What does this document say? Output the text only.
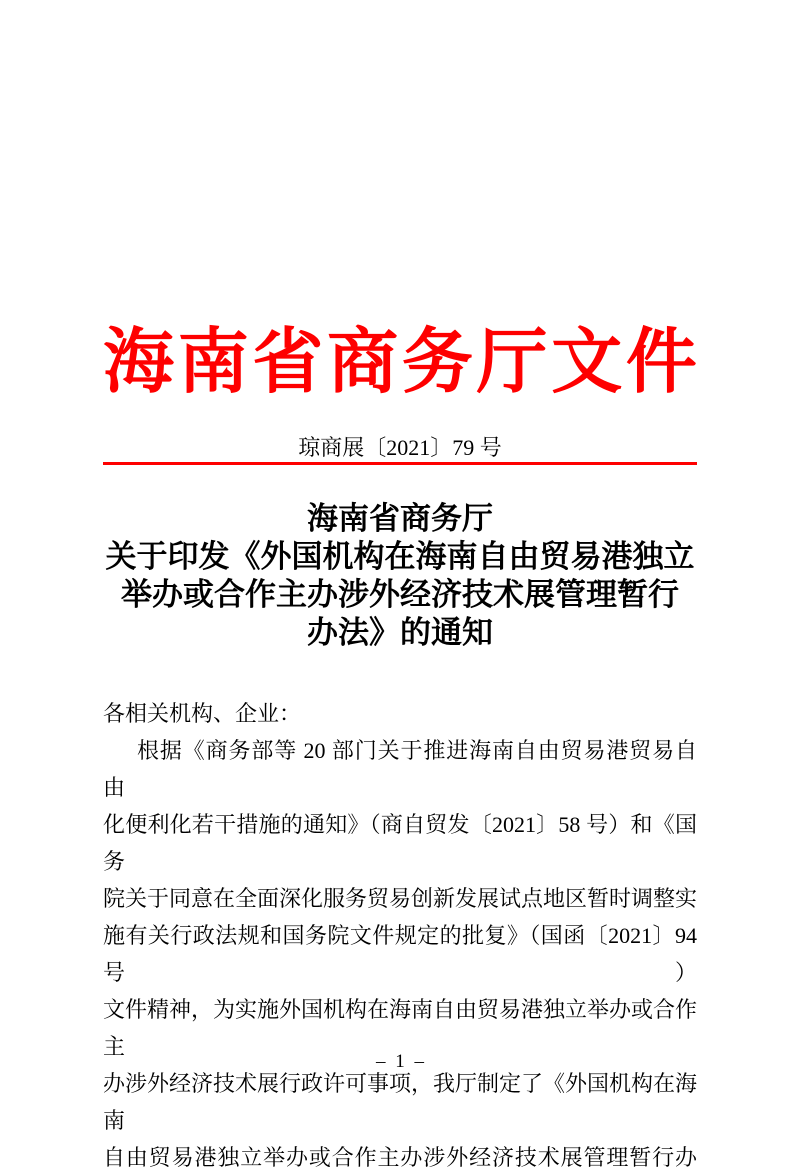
海 南 省 商 务 厅 文 件
琼商展〔2021〕79 号
海南省商务厅
关于印发《外国机构在海南自由贸易港独立
举办或合作主办涉外经济技术展管理暂行
办法》的通知
各相关机构、企业：
根据《商务部等 20 部门关于推进海南自由贸易港贸易自由
化便利化若干措施的通知》（商自贸发〔2021〕58 号）和《国务
院关于同意在全面深化服务贸易创新发展试点地区暂时调整实
施有关行政法规和国务院文件规定的批复》（国函〔2021〕94 号）
文件精神，为实施外国机构在海南自由贸易港独立举办或合作主
办涉外经济技术展行政许可事项，我厅制定了《外国机构在海南
自由贸易港独立举办或合作主办涉外经济技术展管理暂行办
– 1 –
